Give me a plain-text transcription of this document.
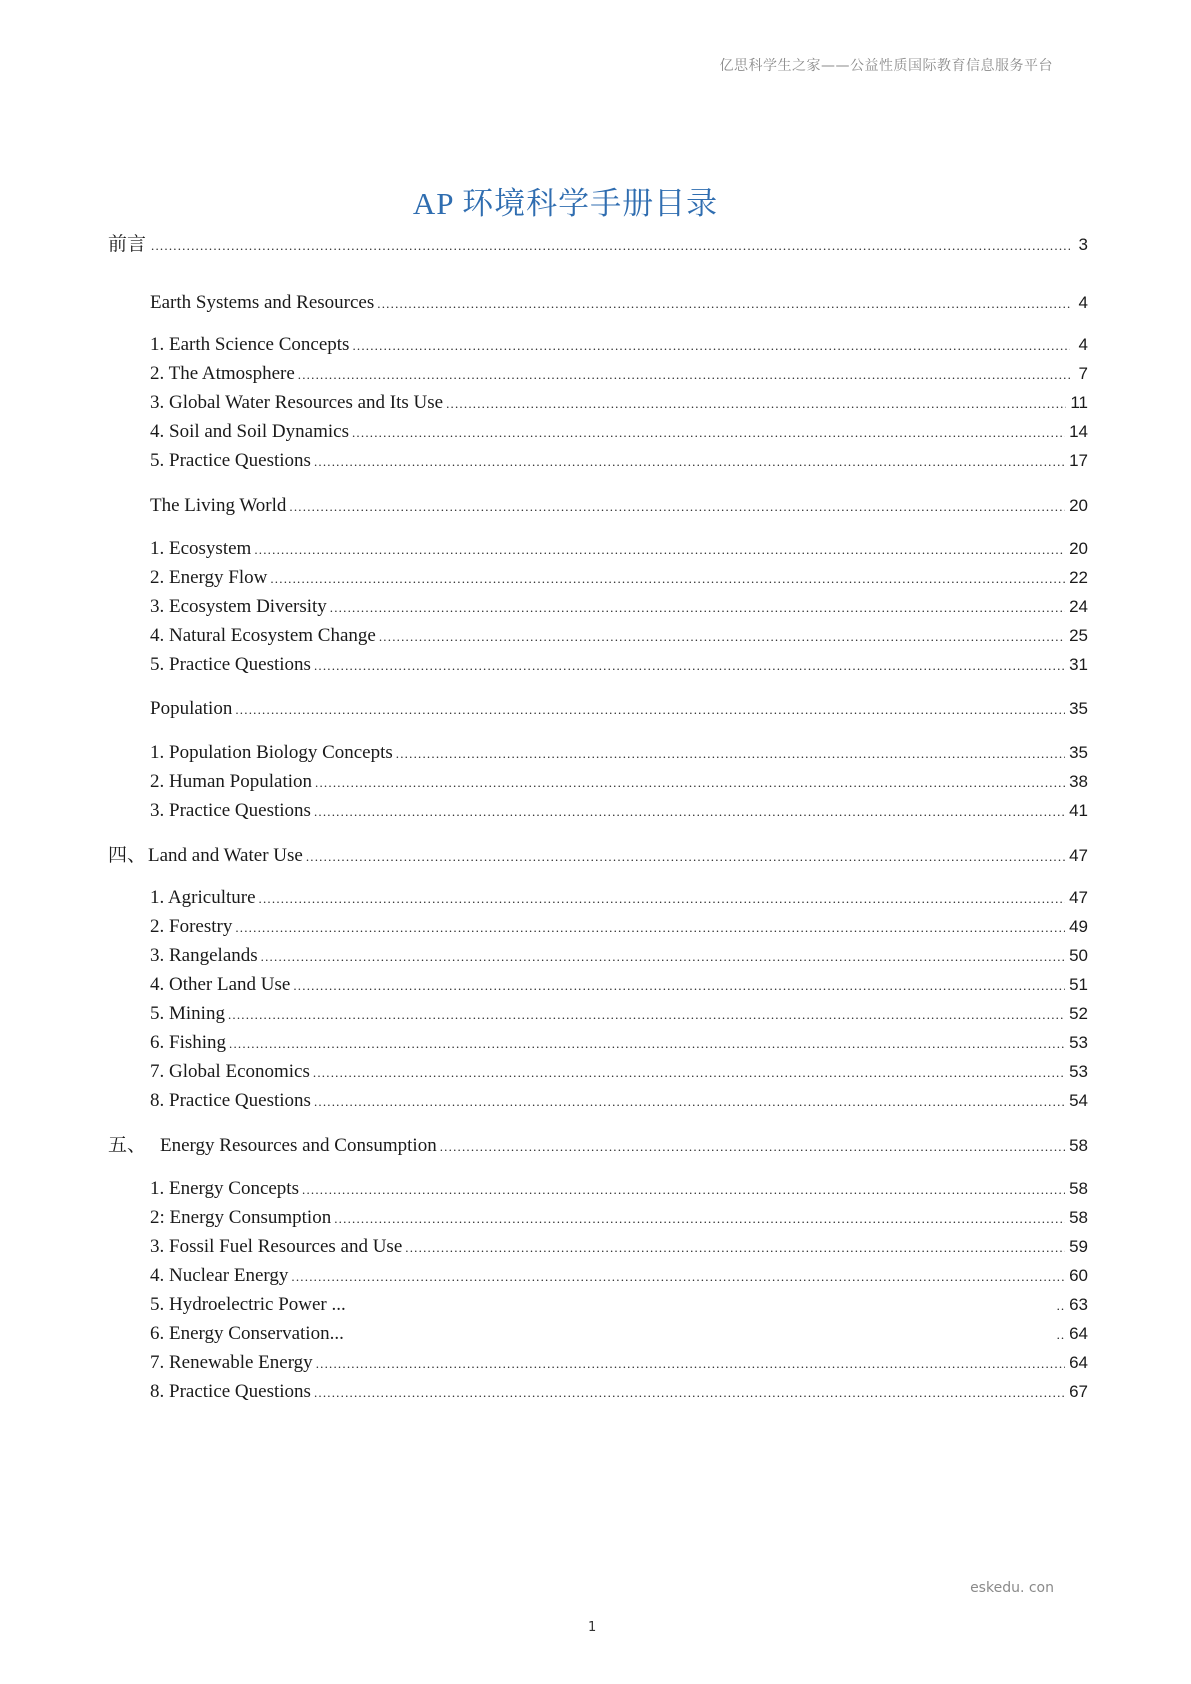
亿思科学生之家——公益性质国际教育信息服务平台
AP 环境科学手册目录
前言 .....	3
Earth Systems and Resources .....	4
1. Earth Science Concepts .....	4
2. The Atmosphere .....	7
3. Global Water Resources and Its Use .....	11
4. Soil and Soil Dynamics .....	14
5. Practice Questions .....	17
The Living World .....	20
1. Ecosystem .....	20
2. Energy Flow .....	22
3. Ecosystem Diversity .....	24
4. Natural Ecosystem Change .....	25
5. Practice Questions .....	31
Population .....	35
1. Population Biology Concepts .....	35
2. Human Population .....	38
3. Practice Questions .....	41
四、 Land and Water Use .....	47
1. Agriculture .....	47
2. Forestry .....	49
3. Rangelands .....	50
4. Other Land Use .....	51
5. Mining .....	52
6. Fishing .....	53
7. Global Economics .....	53
8. Practice Questions .....	54
五、 Energy Resources and Consumption .....	58
1. Energy Concepts .....	58
2: Energy Consumption .....	58
3. Fossil Fuel Resources and Use .....	59
4. Nuclear Energy .....	60
5. Hydroelectric Power ...	.. 63
6. Energy Conservation...	.. 64
7. Renewable Energy .....	64
8. Practice Questions .....	67
eskedu. con
1
